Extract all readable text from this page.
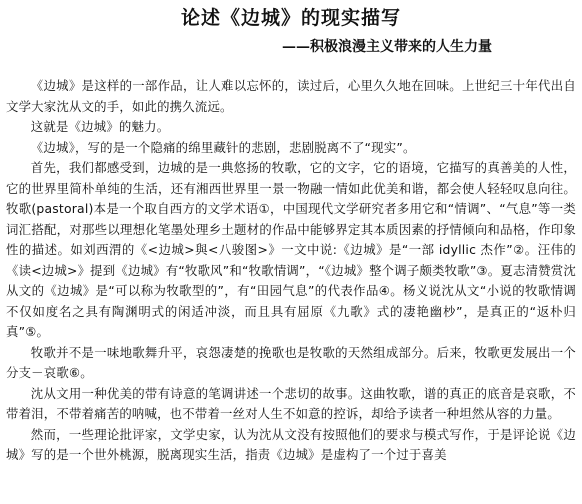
论述《边城》的现实描写
——积极浪漫主义带来的人生力量

《边城》是这样的一部作品，让人难以忘怀的，读过后，心里久久地在回味。上世纪三十年代出自文学大家沈从文的手，如此的携久流远。

这就是《边城》的魅力。

《边城》，写的是一个隐痛的绵里藏针的悲剧，悲剧脱离不了“现实”。

首先，我们都感受到，边城的是一典悠扬的牧歌，它的文字，它的语境，它描写的真善美的人性，它的世界里简朴单纯的生活，还有湘西世界里一景一物融一情如此优美和谐，都会使人轻轻叹息向往。牧歌(pastoral)本是一个取自西方的文学术语①，中国现代文学研究者多用它和“情调”、“气息”等一类词汇搭配，对那些以理想化笔墨处理乡土题材的作品中能够界定其本质因素的抒情倾向和品格，作印象性的描述。如刘西渭的《<边城>與<八骏图>》一文中说:《边城》是“一部 idyllic 杰作”②。汪伟的《读<边城>》提到《边城》有“牧歌风”和“牧歌情调”，“《边城》整个调子颇类牧歌”③。夏志清赞赏沈从文的《边城》是“可以称为牧歌型的”，有“田园气息”的代表作品④。杨义说沈从文“小说的牧歌情调不仅如度名之具有陶渊明式的闲适冲淡，而且具有屈原《九歌》式的凄艳幽杪”，是真正的“返朴归真”⑤。

牧歌并不是一味地歌舞升平，哀怨凄楚的挽歌也是牧歌的天然组成部分。后来，牧歌更发展出一个分支－哀歌⑥。

沈从文用一种优美的带有诗意的笔调讲述一个悲切的故事。这曲牧歌，谱的真正的底音是哀歌，不带着泪，不带着痛苦的呐喊，也不带着一丝对人生不如意的控诉，却给予读者一种坦然从容的力量。

然而，一些理论批评家，文学史家，认为沈从文没有按照他们的要求与模式写作，于是评论说《边城》写的是一个世外桃源，脱离现实生活，指责《边城》是虚构了一个过于喜美
